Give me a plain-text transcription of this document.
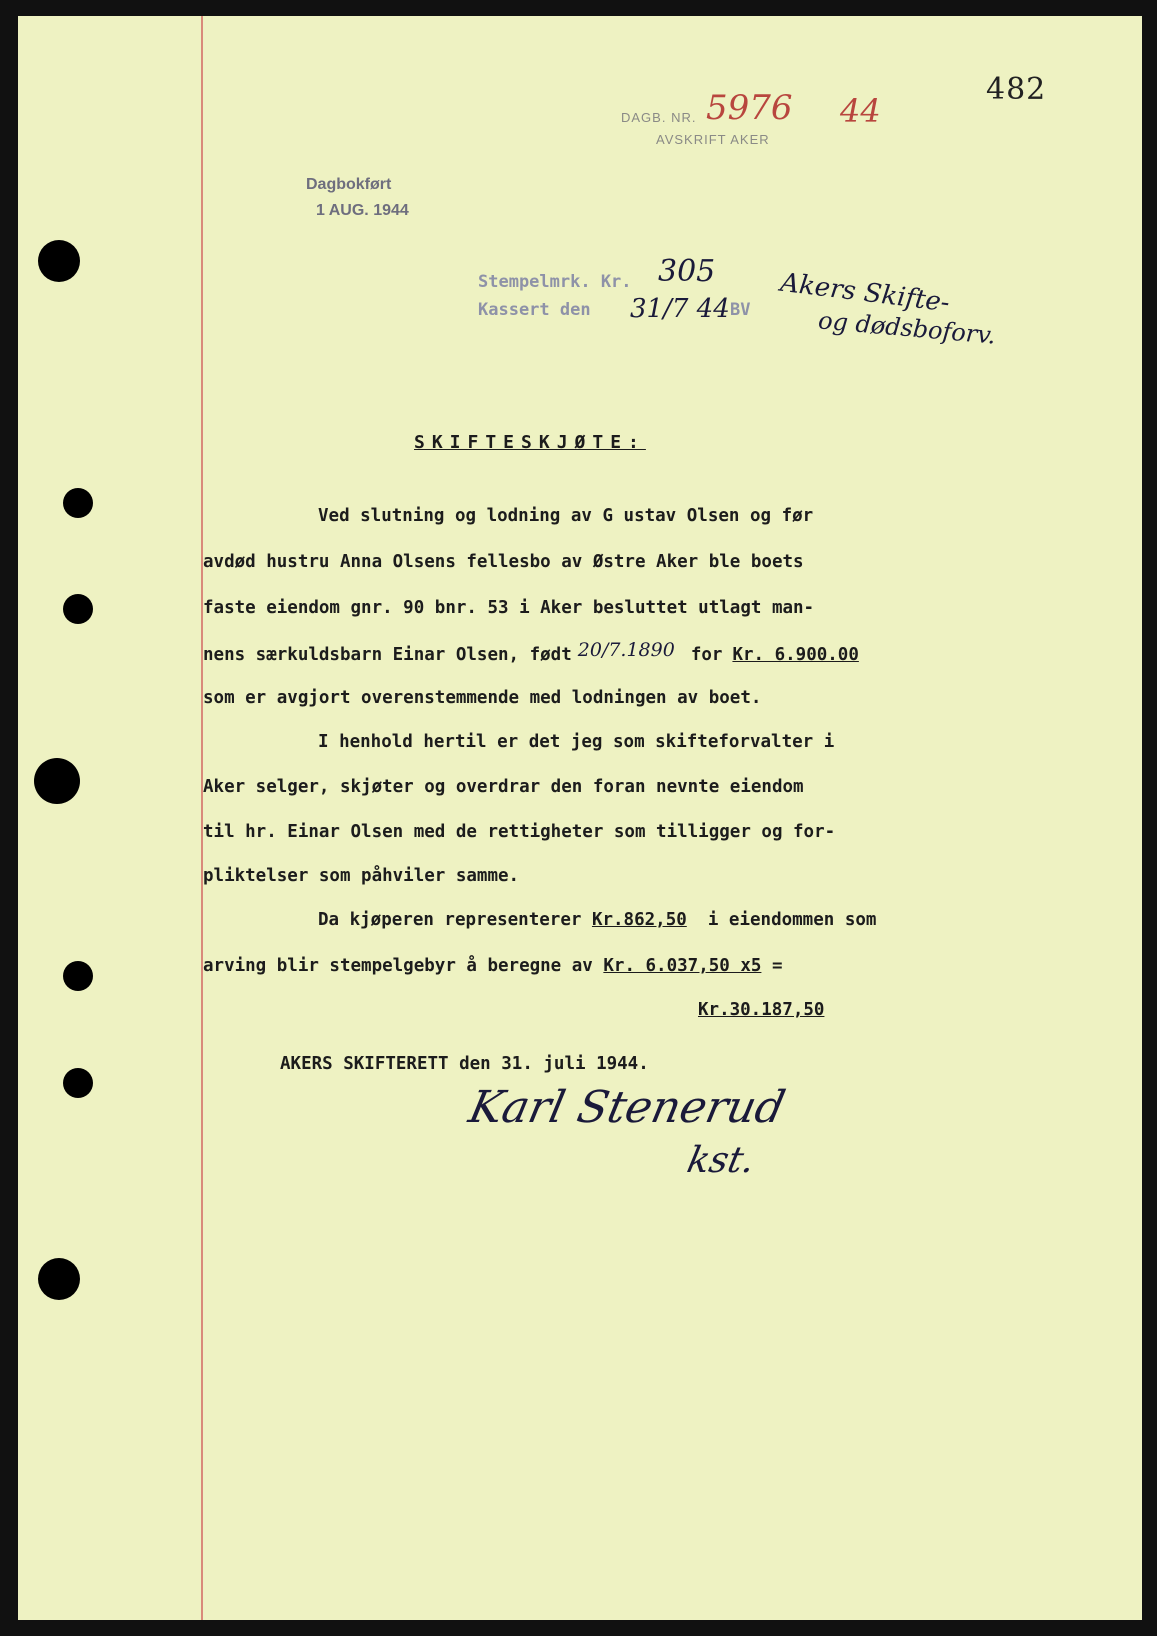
482
DAGB. NR. 5976 44
AVSKRIFT AKER
Dagbokført
1 AUG. 1944
Stempelmrk. Kr. 305
Kassert den 31/7 44 BV Akers Skifte-
og dødsboforv.
SKIFTESKJØTE:
Ved slutning og lodning av G ustav Olsen og før
avdød hustru Anna Olsens fellesbo av Østre Aker ble boets
faste eiendom gnr. 90 bnr. 53 i Aker besluttet utlagt man-
nens særkuldsbarn Einar Olsen, født 20/7.1890 for Kr. 6.900.00
som er avgjort overenstemmende med lodningen av boet.
I henhold hertil er det jeg som skifteforvalter i
Aker selger, skjøter og overdrar den foran nevnte eiendom
til hr. Einar Olsen med de rettigheter som tilligger og for-
pliktelser som påhviler samme.
Da kjøperen representerer Kr.862,50 i eiendommen som
arving blir stempelgebyr å beregne av Kr. 6.037,50 x5 =
Kr.30.187,50
AKERS SKIFTERETT den 31. juli 1944.
Karl Stenerud
kst.
